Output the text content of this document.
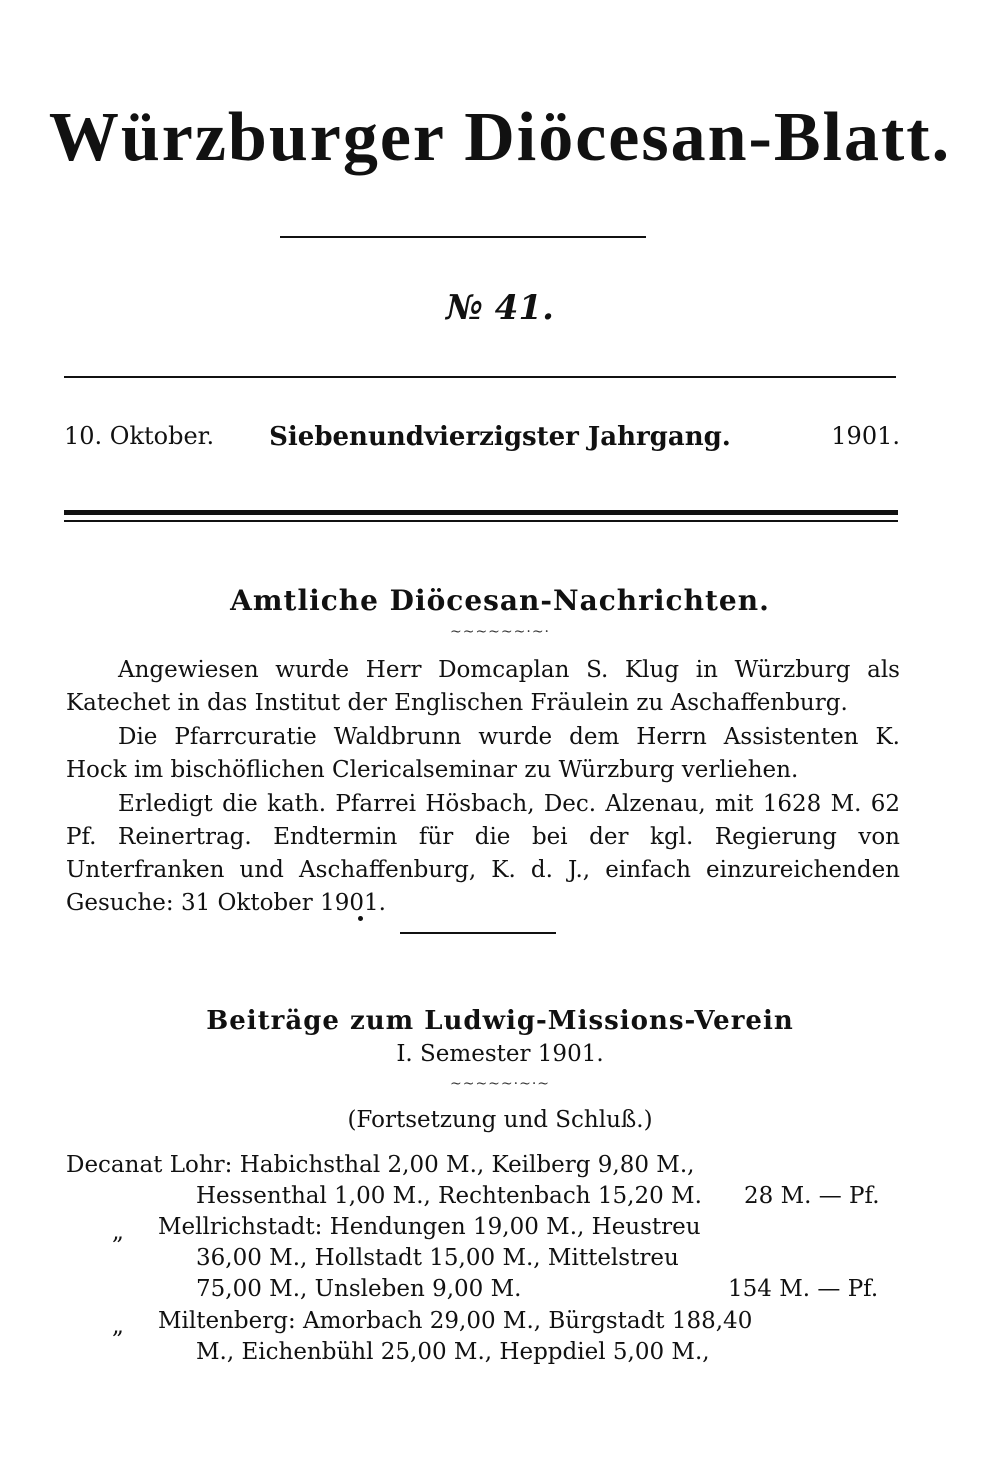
Würzburger Diöcesan-Blatt.
№ 41.
10. Oktober.	Siebenundvierzigster Jahrgang.	1901.
Amtliche Diöcesan-Nachrichten.
~~~~~~·~·
Angewiesen wurde Herr Domcaplan S. Klug in Würzburg als Katechet in das Institut der Englischen Fräulein zu Aschaffenburg.
Die Pfarrcuratie Waldbrunn wurde dem Herrn Assistenten K. Hock im bischöflichen Clericalseminar zu Würzburg verliehen.
Erledigt die kath. Pfarrei Hösbach, Dec. Alzenau, mit 1628 M. 62 Pf. Reinertrag. Endtermin für die bei der kgl. Regierung von Unterfranken und Aschaffenburg, K. d. J., einfach einzureichenden Gesuche: 31 Oktober 1901.
Beiträge zum Ludwig-Missions-Verein
I. Semester 1901.
~~~~~·~·~
(Fortsetzung und Schluß.)
Decanat Lohr: Habichsthal 2,00 M., Keilberg 9,80 M.,
Hessenthal 1,00 M., Rechtenbach 15,20 M. 28 M. — Pf.
„ Mellrichstadt: Hendungen 19,00 M., Heustreu
36,00 M., Hollstadt 15,00 M., Mittelstreu
75,00 M., Unsleben 9,00 M.	154 M. — Pf.
„ Miltenberg: Amorbach 29,00 M., Bürgstadt 188,40
M., Eichenbühl 25,00 M., Heppdiel 5,00 M.,
